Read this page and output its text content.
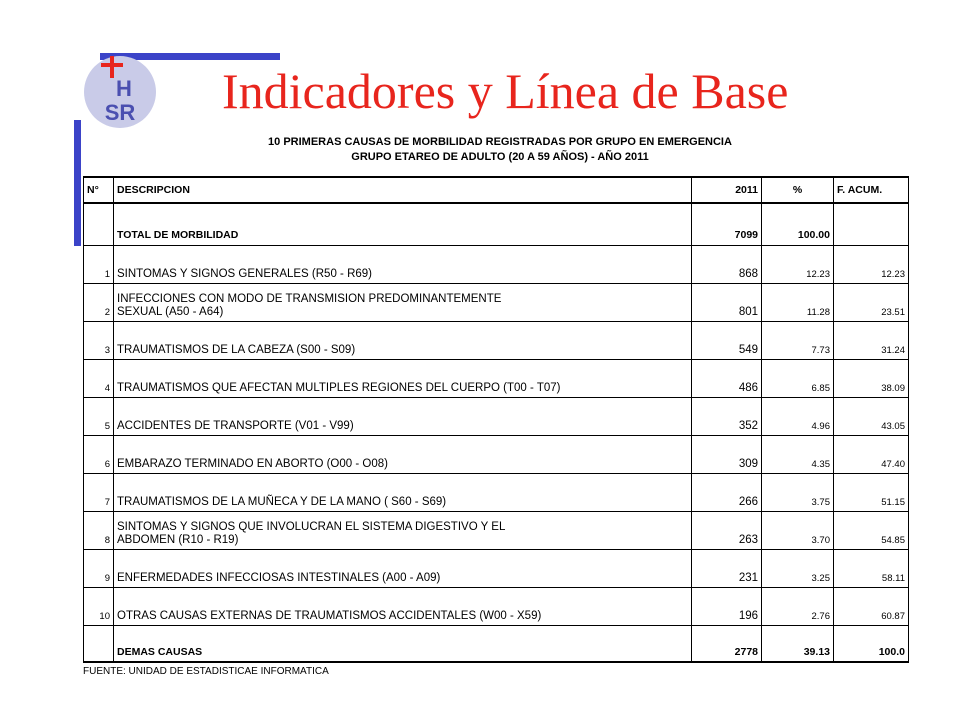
H
SR Indicadores y Línea de Base
10 PRIMERAS CAUSAS DE MORBILIDAD REGISTRADAS POR GRUPO EN EMERGENCIA
GRUPO ETAREO DE ADULTO (20 A 59 AÑOS) - AÑO 2011
N°	DESCRIPCION	2011	%	F. ACUM.
	TOTAL DE MORBILIDAD	7099	100.00	
1	SINTOMAS Y SIGNOS GENERALES (R50 - R69)	868	12.23	12.23
2	INFECCIONES CON MODO DE TRANSMISION PREDOMINANTEMENTE
SEXUAL (A50 - A64)	801	11.28	23.51
3	TRAUMATISMOS DE LA CABEZA (S00 - S09)	549	7.73	31.24
4	TRAUMATISMOS QUE AFECTAN MULTIPLES REGIONES DEL CUERPO (T00 - T07)	486	6.85	38.09
5	ACCIDENTES DE TRANSPORTE (V01 - V99)	352	4.96	43.05
6	EMBARAZO TERMINADO EN ABORTO (O00 - O08)	309	4.35	47.40
7	TRAUMATISMOS DE LA MUÑECA Y DE LA MANO ( S60 - S69)	266	3.75	51.15
8	SINTOMAS Y SIGNOS QUE INVOLUCRAN EL SISTEMA DIGESTIVO Y EL
ABDOMEN (R10 - R19)	263	3.70	54.85
9	ENFERMEDADES INFECCIOSAS INTESTINALES (A00 - A09)	231	3.25	58.11
10	OTRAS CAUSAS EXTERNAS DE TRAUMATISMOS ACCIDENTALES (W00 - X59)	196	2.76	60.87
	DEMAS CAUSAS	2778	39.13	100.0
FUENTE: UNIDAD DE ESTADISTICAE INFORMATICA
